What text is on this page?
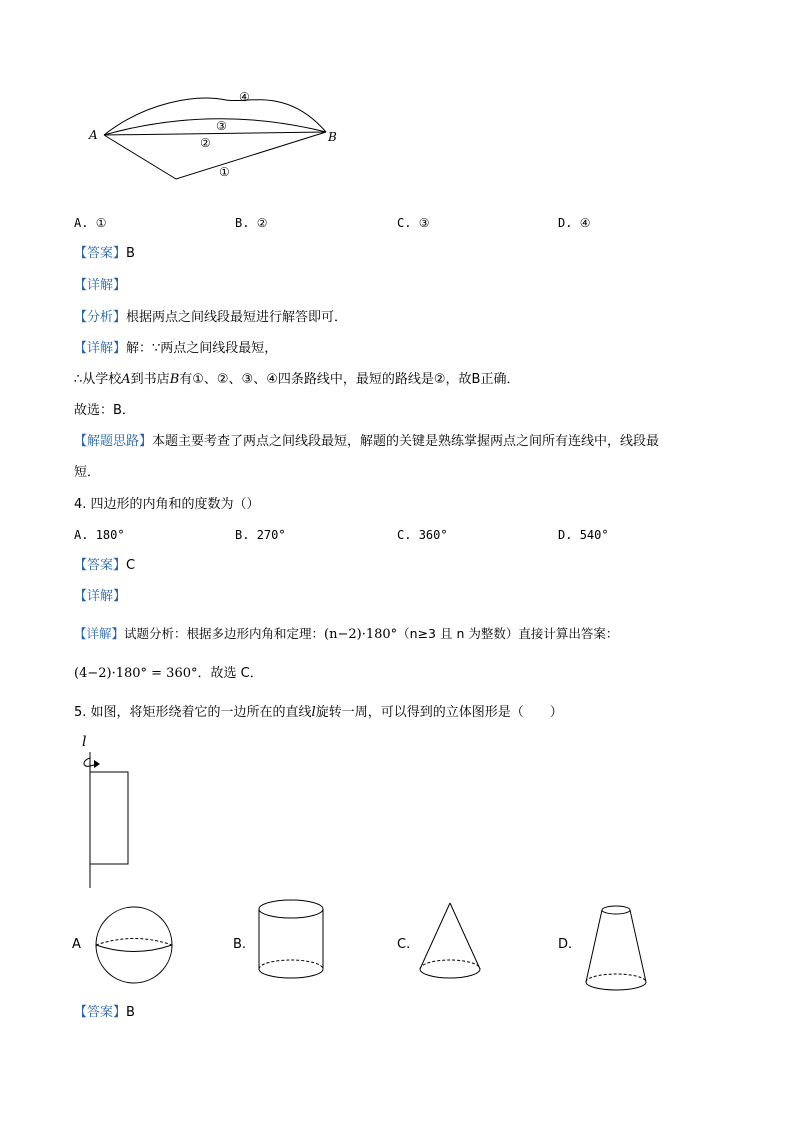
A	B
④
③
②
①
A. ①	B. ②	C. ③	D. ④
【答案】B
【详解】
【分析】根据两点之间线段最短进行解答即可．
【详解】解：∵两点之间线段最短，
∴从学校A到书店B有①、②、③、④四条路线中，最短的路线是②，故B正确．
故选：B．
【解题思路】本题主要考查了两点之间线段最短，解题的关键是熟练掌握两点之间所有连线中，线段最
短．
4. 四边形的内角和的度数为（）
A. 180°	B. 270°	C. 360°	D. 540°
【答案】C
【详解】
【详解】试题分析：根据多边形内角和定理：(n−2)·180°（n≥3 且 n 为整数）直接计算出答案：
(4−2)·180° = 360°．故选 C．
5. 如图，将矩形绕着它的一边所在的直线l旋转一周，可以得到的立体图形是（　　）
l
A	B.	C.	D.
【答案】B
